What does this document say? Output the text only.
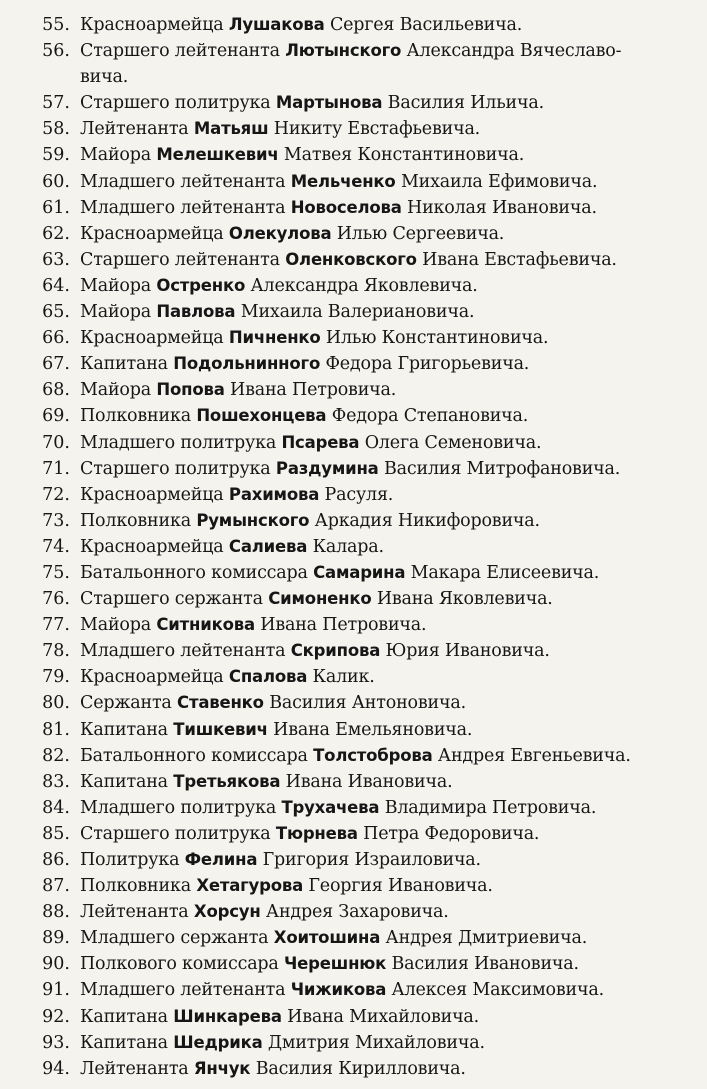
55. Красноармейца Лушакова Сергея Васильевича.
56. Старшего лейтенанта Лютынского Александра Вячеславо-
вича.
57. Старшего политрука Мартынова Василия Ильича.
58. Лейтенанта Матьяш Никиту Евстафьевича.
59. Майора Мелешкевич Матвея Константиновича.
60. Младшего лейтенанта Мельченко Михаила Ефимовича.
61. Младшего лейтенанта Новоселова Николая Ивановича.
62. Красноармейца Олекулова Илью Сергеевича.
63. Старшего лейтенанта Оленковского Ивана Евстафьевича.
64. Майора Остренко Александра Яковлевича.
65. Майора Павлова Михаила Валериановича.
66. Красноармейца Пичненко Илью Константиновича.
67. Капитана Подольнинного Федора Григорьевича.
68. Майора Попова Ивана Петровича.
69. Полковника Пошехонцева Федора Степановича.
70. Младшего политрука Псарева Олега Семеновича.
71. Старшего политрука Раздумина Василия Митрофановича.
72. Красноармейца Рахимова Расуля.
73. Полковника Румынского Аркадия Никифоровича.
74. Красноармейца Салиева Калара.
75. Батальонного комиссара Самарина Макара Елисеевича.
76. Старшего сержанта Симоненко Ивана Яковлевича.
77. Майора Ситникова Ивана Петровича.
78. Младшего лейтенанта Скрипова Юрия Ивановича.
79. Красноармейца Спалова Калик.
80. Сержанта Ставенко Василия Антоновича.
81. Капитана Тишкевич Ивана Емельяновича.
82. Батальонного комиссара Толстоброва Андрея Евгеньевича.
83. Капитана Третьякова Ивана Ивановича.
84. Младшего политрука Трухачева Владимира Петровича.
85. Старшего политрука Тюрнева Петра Федоровича.
86. Политрука Фелина Григория Израиловича.
87. Полковника Хетагурова Георгия Ивановича.
88. Лейтенанта Хорсун Андрея Захаровича.
89. Младшего сержанта Хоитошина Андрея Дмитриевича.
90. Полкового комиссара Черешнюк Василия Ивановича.
91. Младшего лейтенанта Чижикова Алексея Максимовича.
92. Капитана Шинкарева Ивана Михайловича.
93. Капитана Шедрика Дмитрия Михайловича.
94. Лейтенанта Янчук Василия Кирилловича.
